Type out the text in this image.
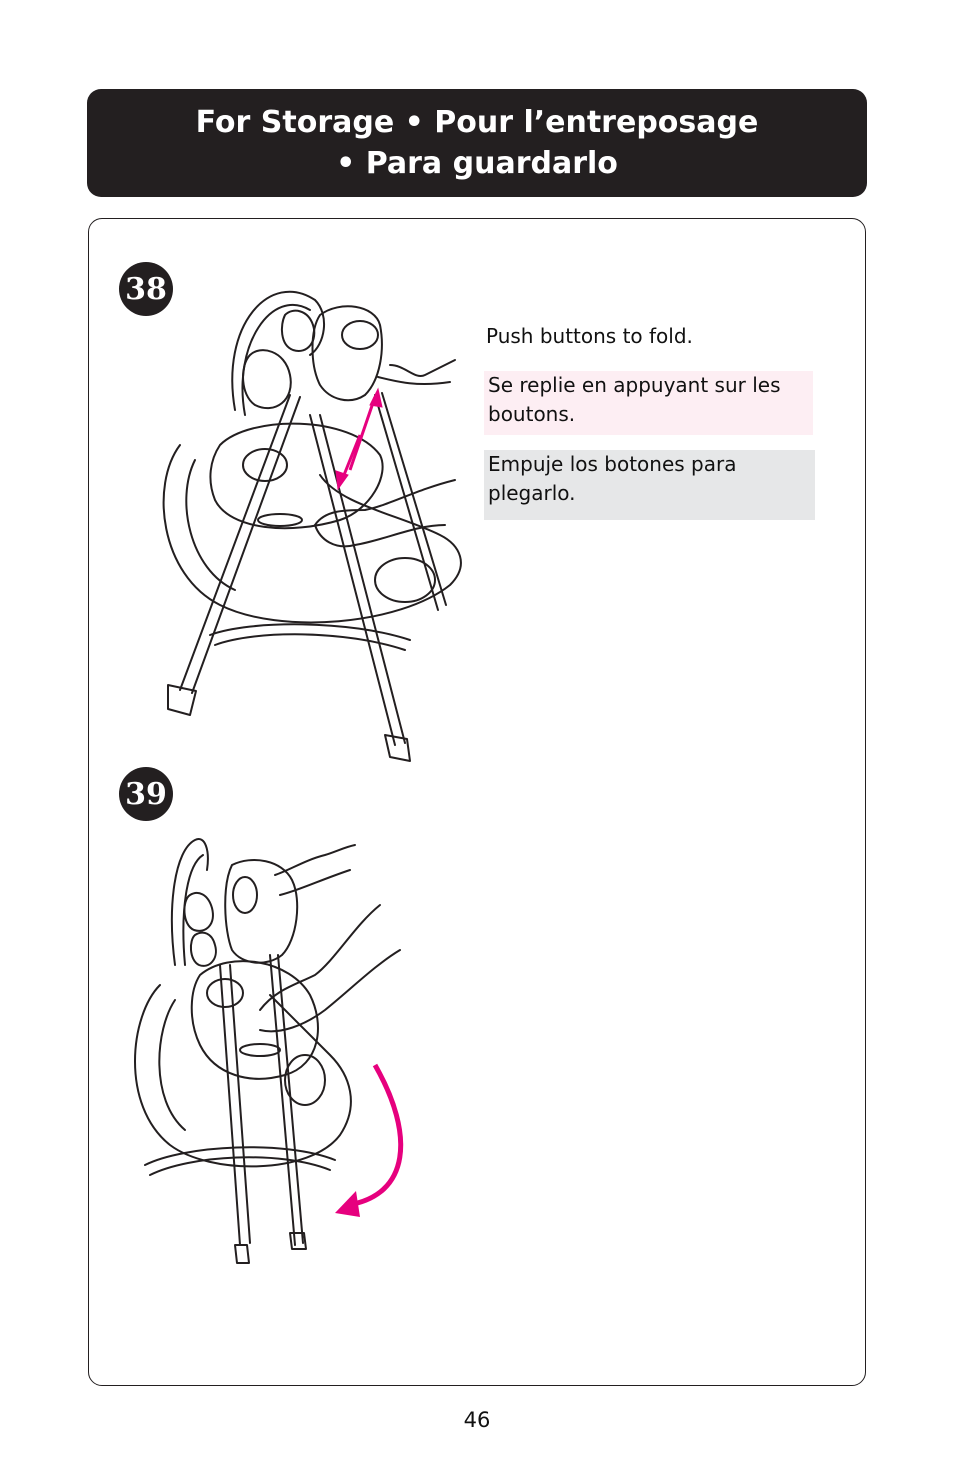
For Storage • Pour l’entreposage
• Para guardarlo
38
Push buttons to fold.
Se replie en appuyant sur les boutons.
Empuje los botones para plegarlo.
39
46
